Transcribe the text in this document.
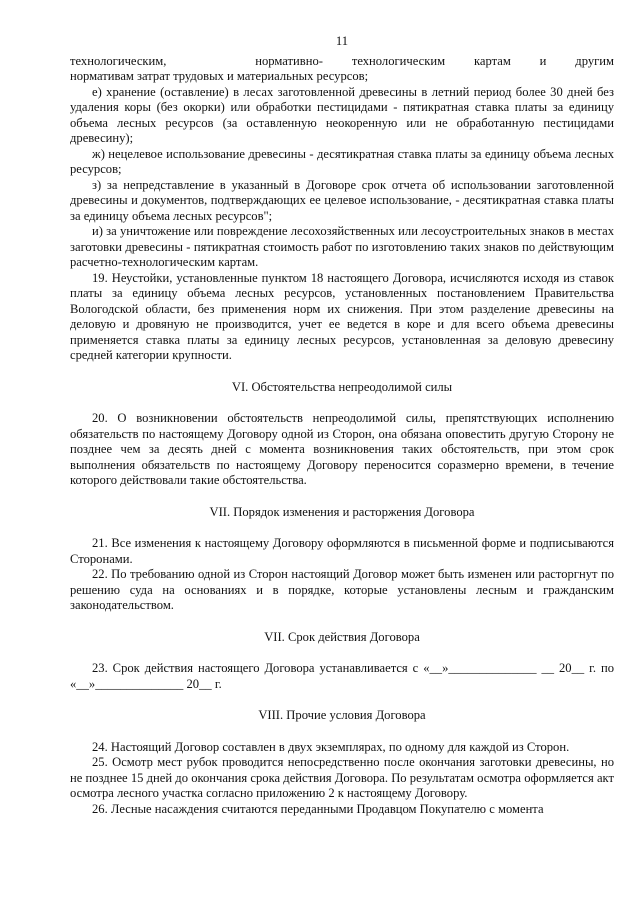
11
технологическим,	нормативно- технологическим картам и другим

нормативам затрат трудовых и материальных ресурсов;

е) хранение (оставление) в лесах заготовленной древесины в летний период более 30 дней без удаления коры (без окорки) или обработки пестицидами - пятикратная ставка платы за единицу объема лесных ресурсов (за оставленную неокоренную или не обработанную пестицидами древесину);

ж) нецелевое использование древесины - десятикратная ставка платы за единицу объема лесных ресурсов;

з) за непредставление в указанный в Договоре срок отчета об использовании заготовленной древесины и документов, подтверждающих ее целевое использование, - десятикратная ставка платы за единицу объема лесных ресурсов";

и) за уничтожение или повреждение лесохозяйственных или лесоустроительных знаков в местах заготовки древесины - пятикратная стоимость работ по изготовлению таких знаков по действующим расчетно-технологическим картам.

19. Неустойки, установленные пунктом 18 настоящего Договора, исчисляются исходя из ставок платы за единицу объема лесных ресурсов, установленных постановлением Правительства Вологодской области, без применения норм их снижения. При этом разделение древесины на деловую и дровяную не производится, учет ее ведется в коре и для всего объема древесины применяется ставка платы за единицу лесных ресурсов, установленная за деловую древесину средней категории крупности.

VI. Обстоятельства непреодолимой силы

20. О возникновении обстоятельств непреодолимой силы, препятствующих исполнению обязательств по настоящему Договору одной из Сторон, она обязана оповестить другую Сторону не позднее чем за десять дней с момента возникновения таких обстоятельств, при этом срок выполнения обязательств по настоящему Договору переносится соразмерно времени, в течение которого действовали такие обстоятельства.

VII. Порядок изменения и расторжения Договора

21. Все изменения к настоящему Договору оформляются в письменной форме и подписываются Сторонами.

22. По требованию одной из Сторон настоящий Договор может быть изменен или расторгнут по решению суда на основаниях и в порядке, которые установлены лесным и гражданским законодательством.

VII. Срок действия Договора

23. Срок действия настоящего Договора устанавливается с «__»______________ __ 20__ г. по «__»______________ 20__ г.

VIII. Прочие условия Договора

24. Настоящий Договор составлен в двух экземплярах, по одному для каждой из Сторон.

25. Осмотр мест рубок проводится непосредственно после окончания заготовки древесины, но не позднее 15 дней до окончания срока действия Договора. По результатам осмотра оформляется акт осмотра лесного участка согласно приложению 2 к настоящему Договору.

26. Лесные насаждения считаются переданными Продавцом Покупателю с момента
